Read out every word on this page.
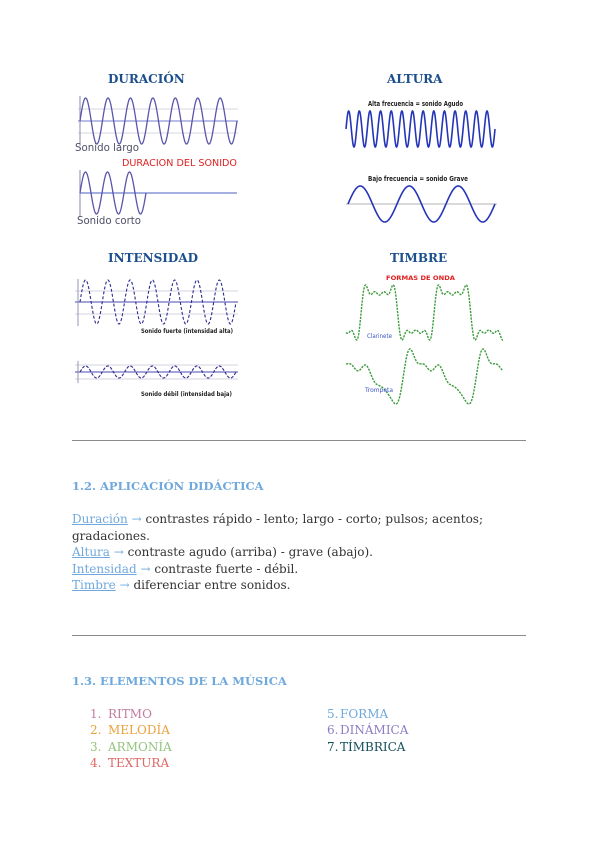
DURACIÓN	ALTURA
INTENSIDAD	TIMBRE
Sonido largo
DURACION DEL SONIDO
Sonido corto
Alta frecuencia = sonido Agudo
Bajo frecuencia = sonido Grave
Sonido fuerte (intensidad alta)
Sonido débil (intensidad baja)
FORMAS DE ONDA
Clarinete
Trompeta
1.2. APLICACIÓN DIDÁCTICA
Duración → contrastes rápido - lento; largo - corto; pulsos; acentos; gradaciones.
Altura → contraste agudo (arriba) - grave (abajo).
Intensidad → contraste fuerte - débil.
Timbre → diferenciar entre sonidos.
1.3. ELEMENTOS DE LA MÚSICA
1. RITMO
2. MELODÍA
3. ARMONÍA
4. TEXTURA
5. FORMA
6. DINÁMICA
7. TÍMBRICA
